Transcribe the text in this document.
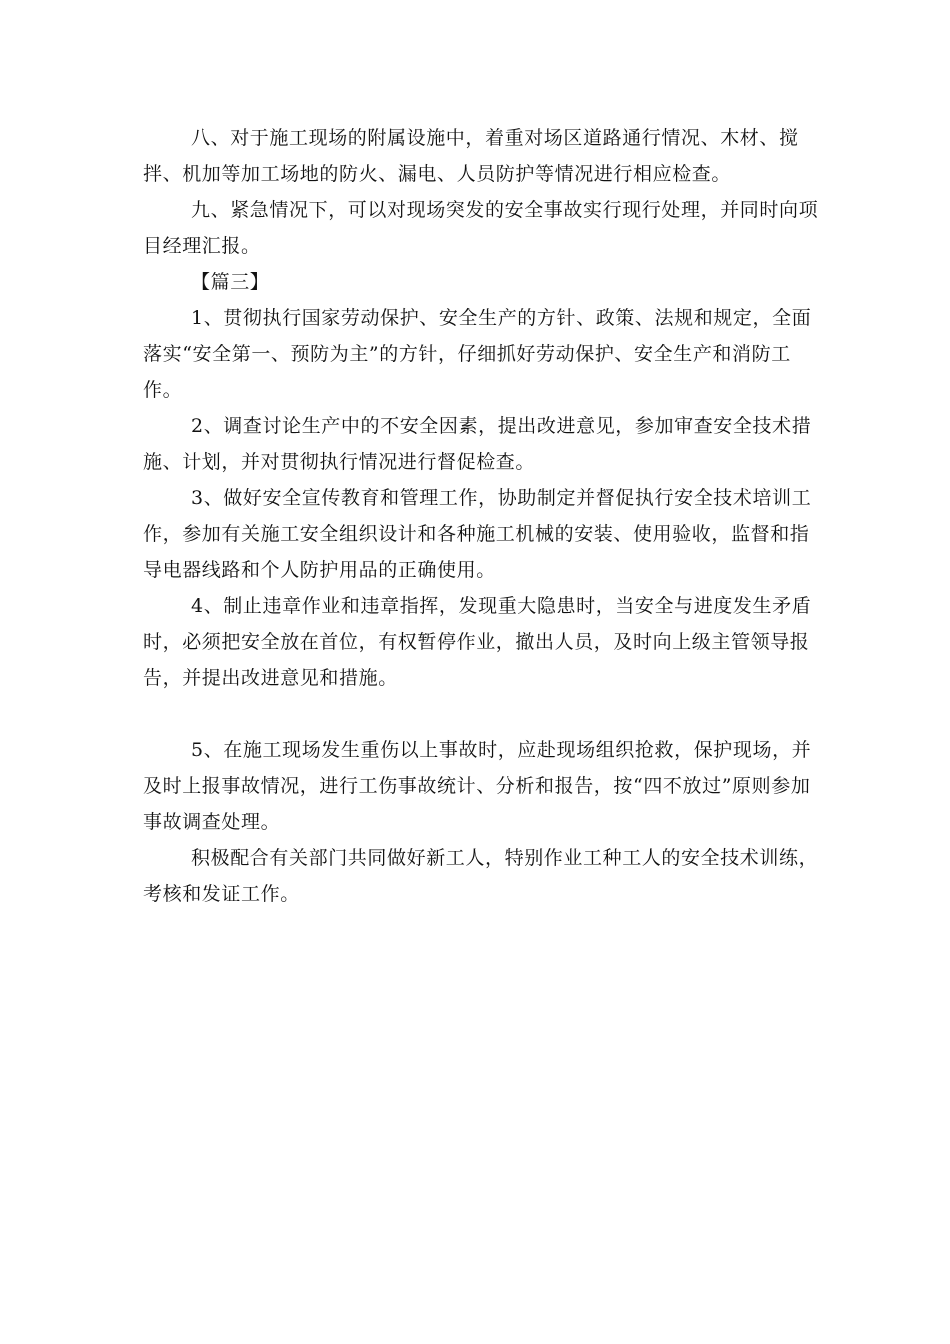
八、对于施工现场的附属设施中，着重对场区道路通行情况、木材、搅拌、机加等加工场地的防火、漏电、人员防护等情况进行相应检查。

九、紧急情况下，可以对现场突发的安全事故实行现行处理，并同时向项目经理汇报。

【篇三】

1、贯彻执行国家劳动保护、安全生产的方针、政策、法规和规定，全面落实“安全第一、预防为主”的方针，仔细抓好劳动保护、安全生产和消防工作。

2、调查讨论生产中的不安全因素，提出改进意见，参加审查安全技术措施、计划，并对贯彻执行情况进行督促检查。

3、做好安全宣传教育和管理工作，协助制定并督促执行安全技术培训工作，参加有关施工安全组织设计和各种施工机械的安装、使用验收，监督和指导电器线路和个人防护用品的正确使用。

4、制止违章作业和违章指挥，发现重大隐患时，当安全与进度发生矛盾时，必须把安全放在首位，有权暂停作业，撤出人员，及时向上级主管领导报告，并提出改进意见和措施。

5、在施工现场发生重伤以上事故时，应赴现场组织抢救，保护现场，并及时上报事故情况，进行工伤事故统计、分析和报告，按“四不放过”原则参加事故调查处理。

积极配合有关部门共同做好新工人，特别作业工种工人的安全技术训练，考核和发证工作。
